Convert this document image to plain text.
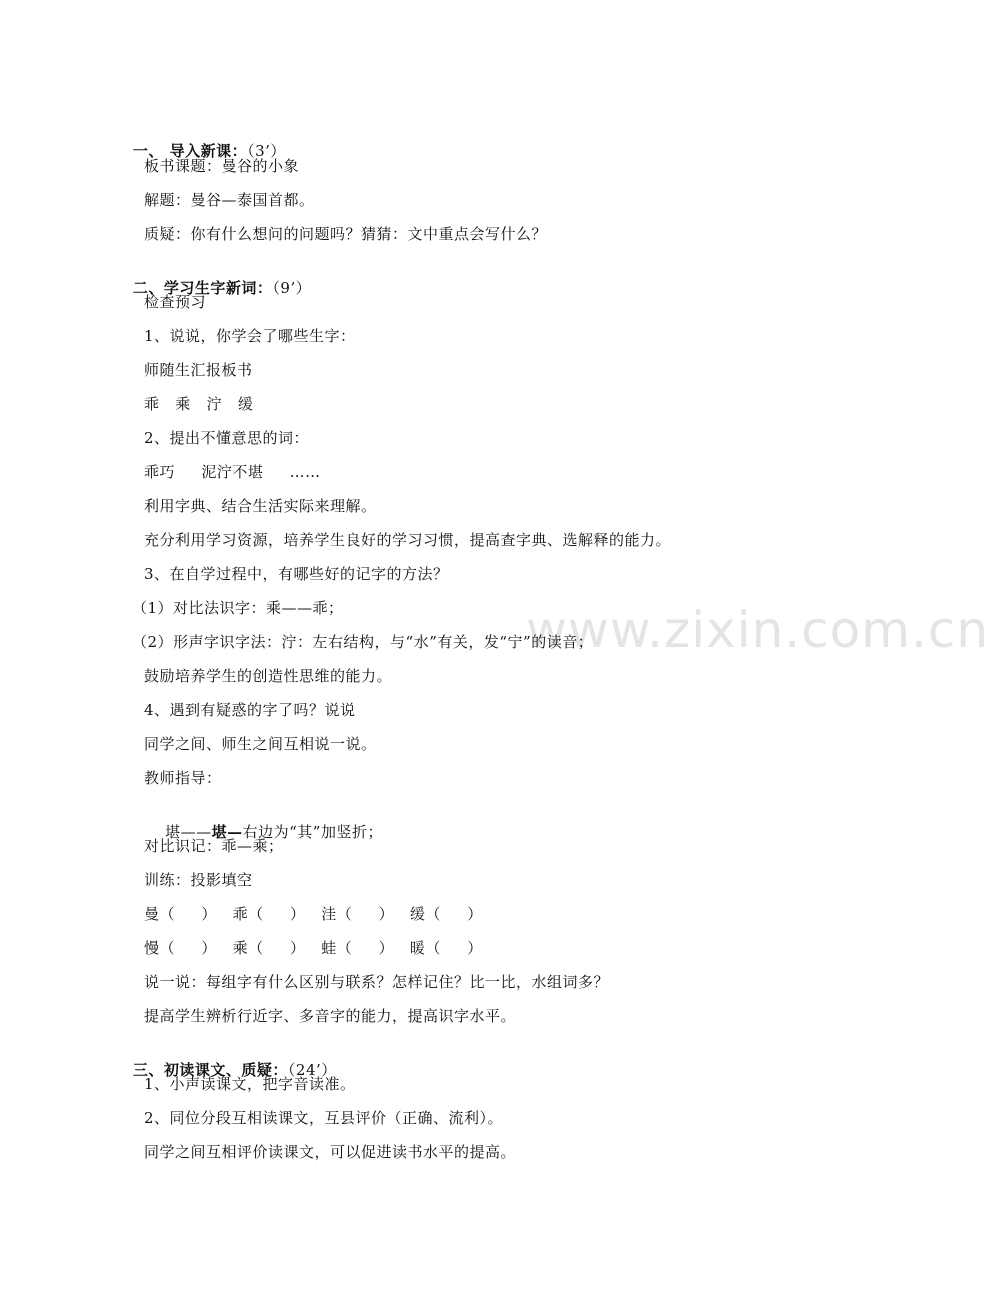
www.zixin.com.cn

一、 导入新课：（3’）

板书课题：曼谷的小象
解题：曼谷—泰国首都。
质疑：你有什么想问的问题吗？猜猜：文中重点会写什么？

二、学习生字新词：（9’）

检查预习
1、说说，你学会了哪些生字：
师随生汇报板书
乖   乘   泞   缓
2、提出不懂意思的词：
乖巧     泥泞不堪     ……
利用字典、结合生活实际来理解。
充分利用学习资源，培养学生良好的学习习惯，提高查字典、选解释的能力。
3、在自学过程中，有哪些好的记字的方法？
（1）对比法识字：乘——乖；
（2）形声字识字法：泞：左右结构，与“水”有关，发“宁”的读音；
鼓励培养学生的创造性思维的能力。
4、遇到有疑惑的字了吗？说说
同学之间、师生之间互相说一说。
教师指导：

堪——堪—右边为“其”加竖折；

对比识记：乖—乘；
训练：投影填空
曼（     ）   乖（     ）   洼（     ）   缓（     ）
慢（     ）   乘（     ）   蛙（     ）   暖（     ）
说一说：每组字有什么区别与联系？怎样记住？比一比，水组词多？
提高学生辨析行近字、多音字的能力，提高识字水平。

三、初读课文、质疑：（24’）

1、小声读课文，把字音读准。
2、同位分段互相读课文，互县评价（正确、流利）。
同学之间互相评价读课文，可以促进读书水平的提高。
